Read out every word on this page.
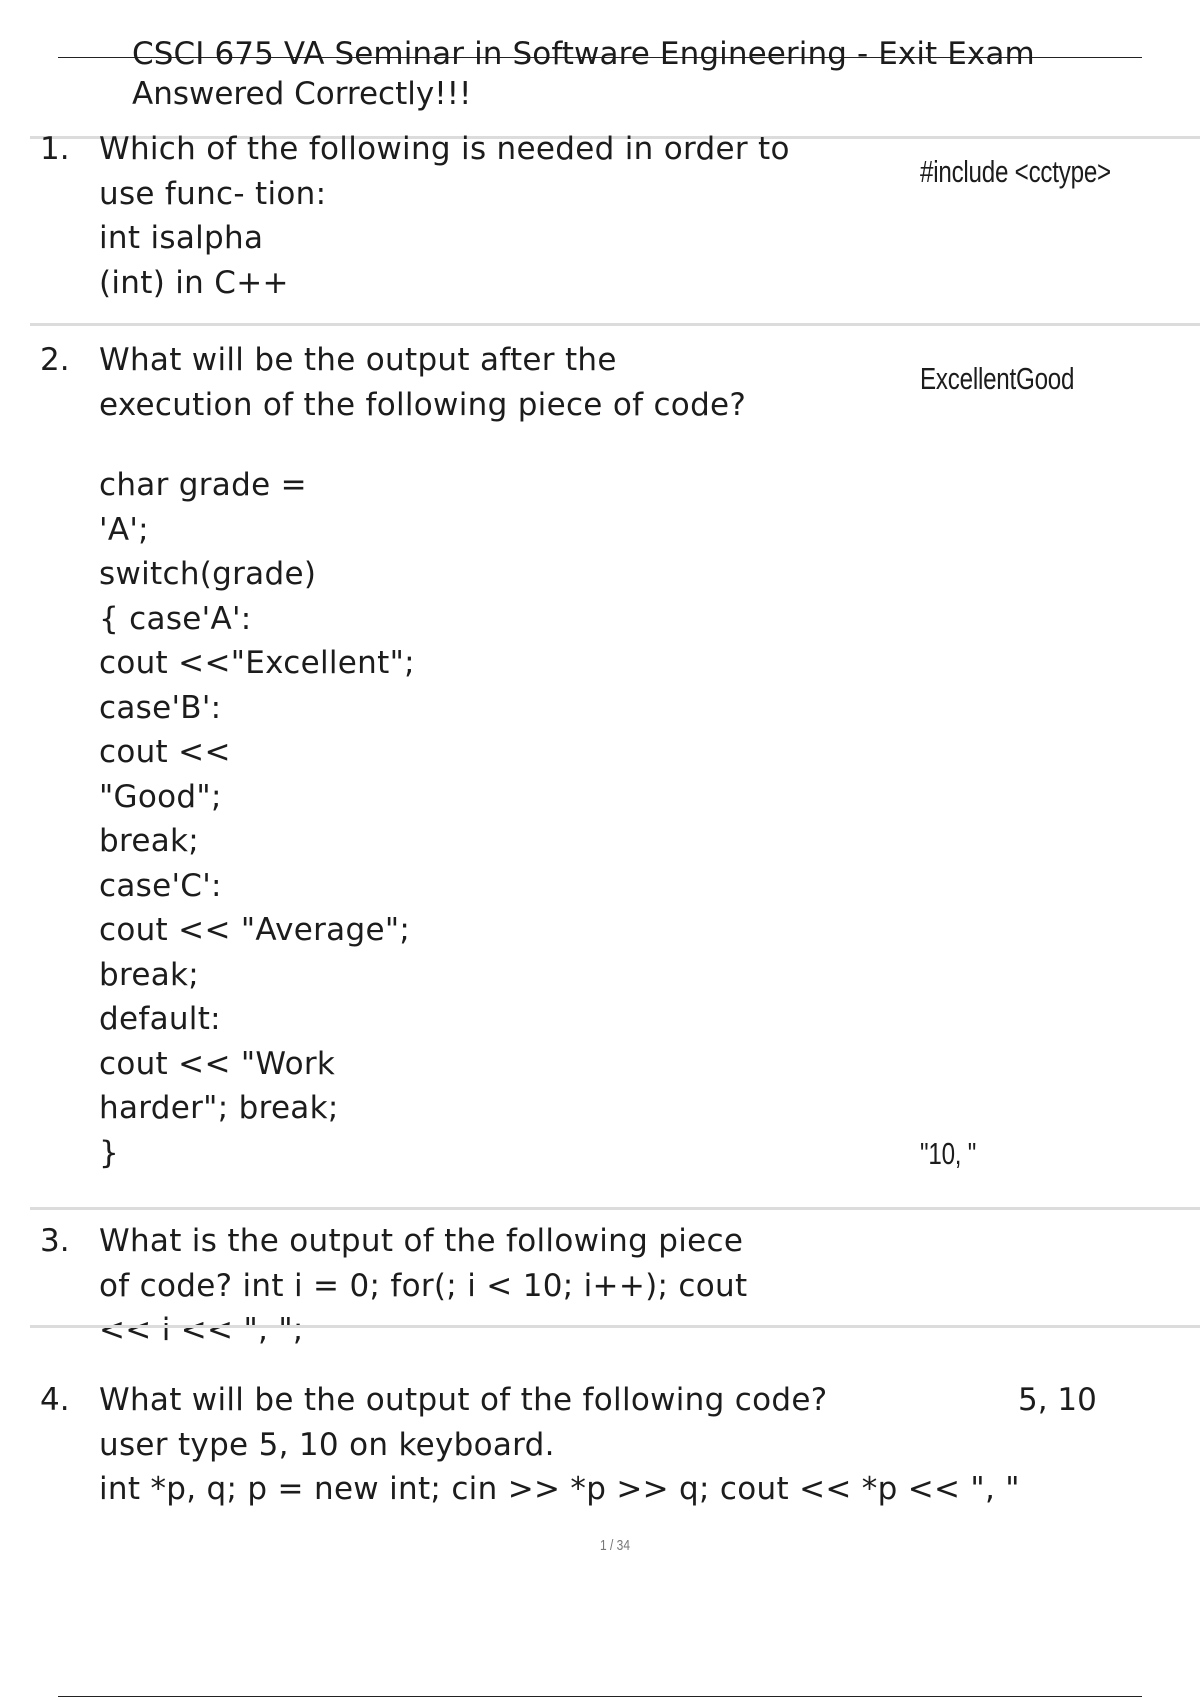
CSCI 675 VA Seminar in Software Engineering - Exit Exam
Answered Correctly!!!
1. Which of the following is needed in order to
use func- tion:
int isalpha
(int) in C++
#include <cctype>
2. What will be the output after the
execution of the following piece of code?
char grade =
'A';
switch(grade)
{ case'A':
cout <<"Excellent";
case'B':
cout <<
"Good";
break;
case'C':
cout << "Average";
break;
default:
cout << "Work
harder"; break;
}
ExcellentGood
"10, "
3. What is the output of the following piece
of code? int i = 0; for(; i < 10; i++); cout
<< i << ", ";
4. What will be the output of the following code?
user type 5, 10 on keyboard.
int *p, q; p = new int; cin >> *p >> q; cout << *p << ", "
5, 10
1 / 34
